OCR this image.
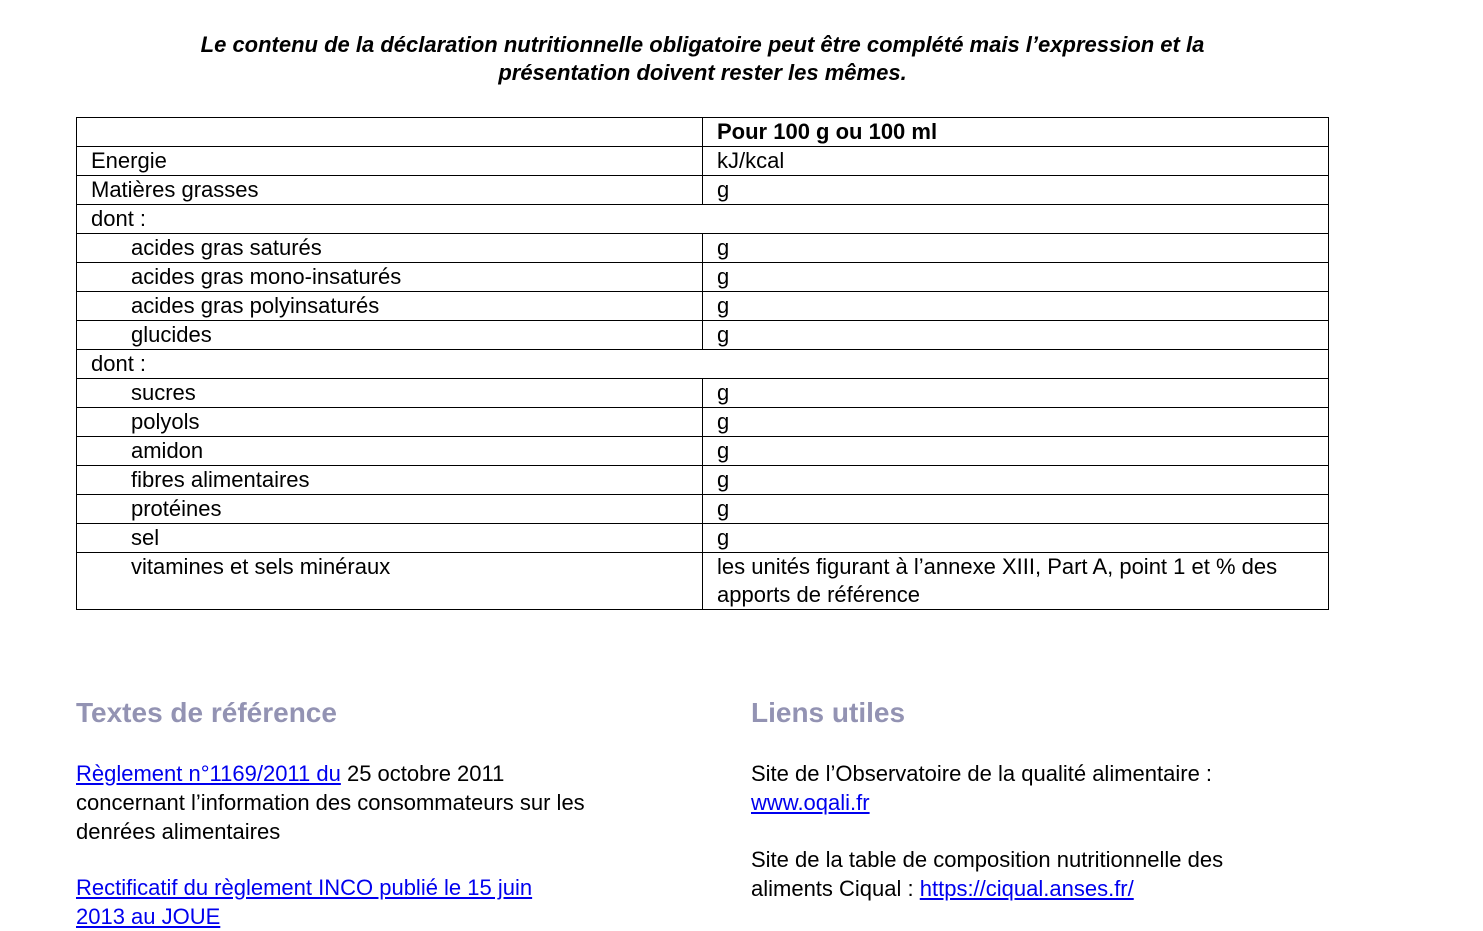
Le contenu de la déclaration nutritionnelle obligatoire peut être complété mais l’expression et la
présentation doivent rester les mêmes.

	Pour 100 g ou 100 ml
Energie	kJ/kcal
Matières grasses	g
dont :	
acides gras saturés	g
acides gras mono-insaturés	g
acides gras polyinsaturés	g
glucides	g
dont :	
sucres	g
polyols	g
amidon	g
fibres alimentaires	g
protéines	g
sel	g
vitamines et sels minéraux	les unités figurant à l’annexe XIII, Part A, point 1 et % des apports de référence
Textes de référence

Règlement n°1169/2011 du 25 octobre 2011
concernant l’information des consommateurs sur les
denrées alimentaires

Rectificatif du règlement INCO publié le 15 juin
2013 au JOUE

Liens utiles

Site de l’Observatoire de la qualité alimentaire :
www.oqali.fr

Site de la table de composition nutritionnelle des
aliments Ciqual : https://ciqual.anses.fr/
